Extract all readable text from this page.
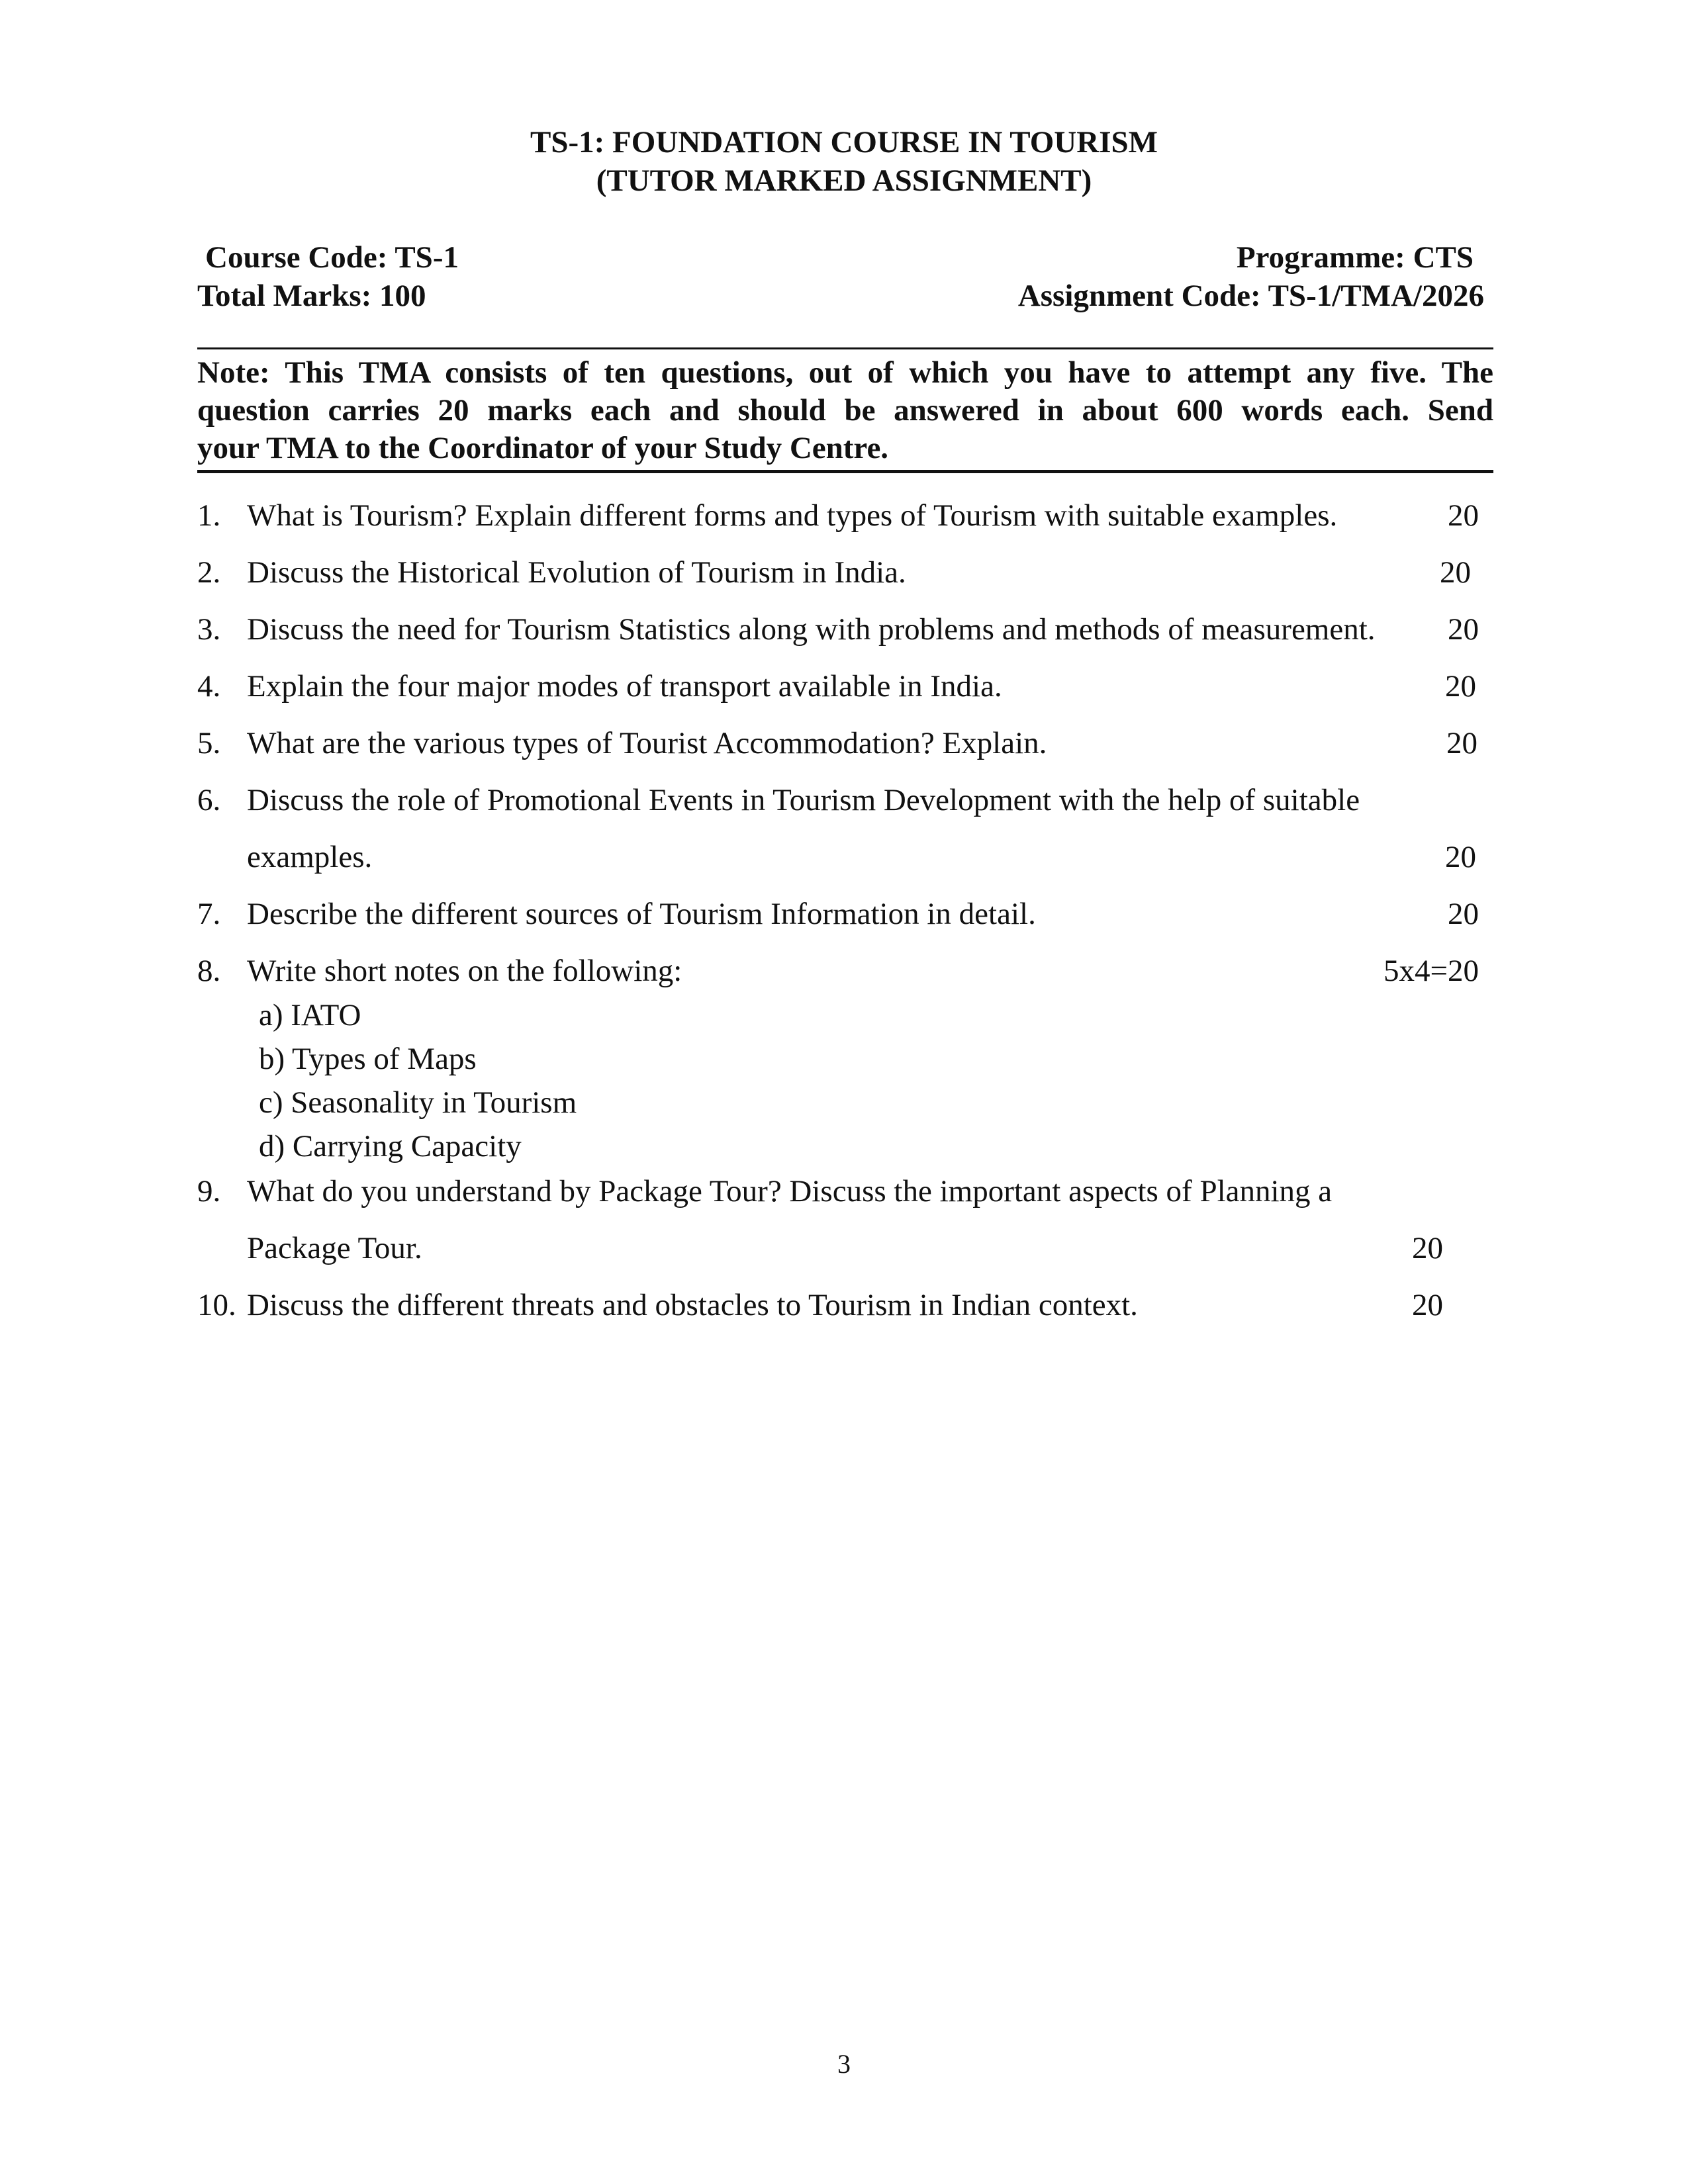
TS-1: FOUNDATION COURSE IN TOURISM
(TUTOR MARKED ASSIGNMENT)
Course Code: TS-1
Total Marks: 100
Programme: CTS
Assignment Code: TS-1/TMA/2026
Note: This TMA consists of ten questions, out of which you have to attempt any five. The
question carries 20 marks each and should be answered in about 600 words each. Send
your TMA to the Coordinator of your Study Centre.
1. What is Tourism? Explain different forms and types of Tourism with suitable examples.	20
2. Discuss the Historical Evolution of Tourism in India.	20
3. Discuss the need for Tourism Statistics along with problems and methods of measurement. 20
4. Explain the four major modes of transport available in India.	20
5. What are the various types of Tourist Accommodation? Explain.	20
6. Discuss the role of Promotional Events in Tourism Development with the help of suitable
examples.	20
7. Describe the different sources of Tourism Information in detail.	20
8. Write short notes on the following:	5x4=20
a) IATO
b) Types of Maps
c) Seasonality in Tourism
d) Carrying Capacity
9. What do you understand by Package Tour? Discuss the important aspects of Planning a
Package Tour.	20
10. Discuss the different threats and obstacles to Tourism in Indian context.	20
3
